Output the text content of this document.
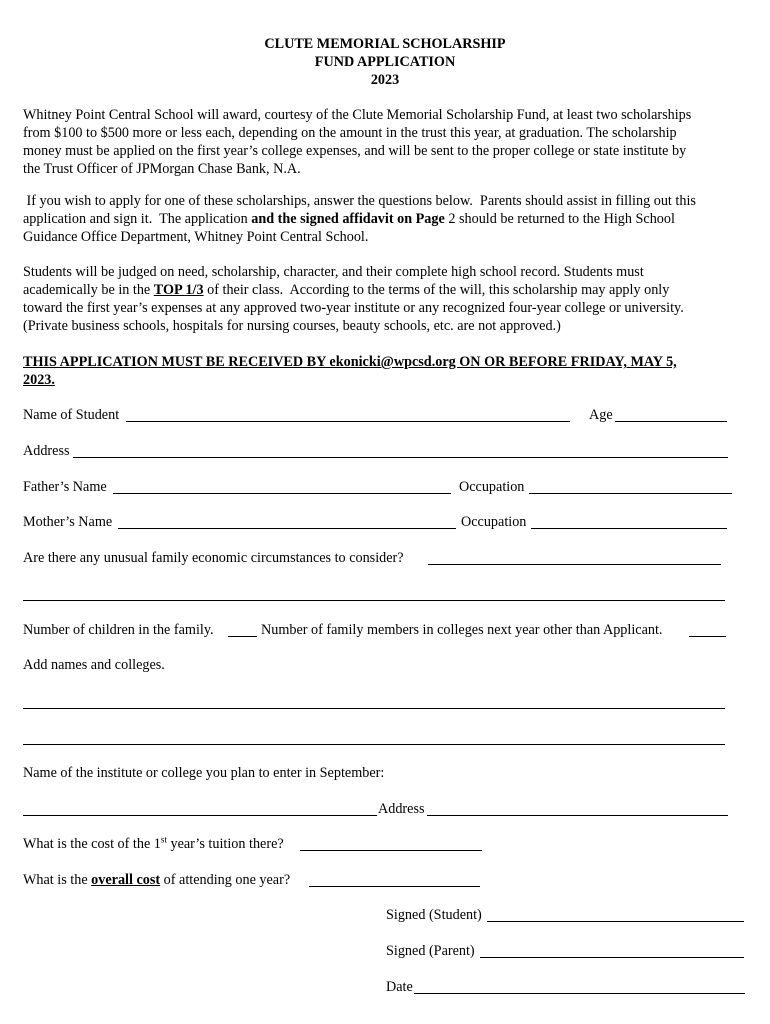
CLUTE MEMORIAL SCHOLARSHIP
FUND APPLICATION
2023
Whitney Point Central School will award, courtesy of the Clute Memorial Scholarship Fund, at least two scholarships
from $100 to $500 more or less each, depending on the amount in the trust this year, at graduation. The scholarship
money must be applied on the first year’s college expenses, and will be sent to the proper college or state institute by
the Trust Officer of JPMorgan Chase Bank, N.A.
If you wish to apply for one of these scholarships, answer the questions below.  Parents should assist in filling out this
application and sign it.  The application and the signed affidavit on Page 2 should be returned to the High School
Guidance Office Department, Whitney Point Central School.
Students will be judged on need, scholarship, character, and their complete high school record. Students must
academically be in the TOP 1/3 of their class.  According to the terms of the will, this scholarship may apply only
toward the first year’s expenses at any approved two-year institute or any recognized four-year college or university.
(Private business schools, hospitals for nursing courses, beauty schools, etc. are not approved.)
THIS APPLICATION MUST BE RECEIVED BY ekonicki@wpcsd.org ON OR BEFORE FRIDAY, MAY 5,
2023.
Name of Student	Age
Address
Father’s Name	Occupation
Mother’s Name	Occupation
Are there any unusual family economic circumstances to consider?
Number of children in the family.	Number of family members in colleges next year other than Applicant.
Add names and colleges.
Name of the institute or college you plan to enter in September:
Address
What is the cost of the 1st year’s tuition there?
What is the overall cost of attending one year?
Signed (Student)
Signed (Parent)
Date
